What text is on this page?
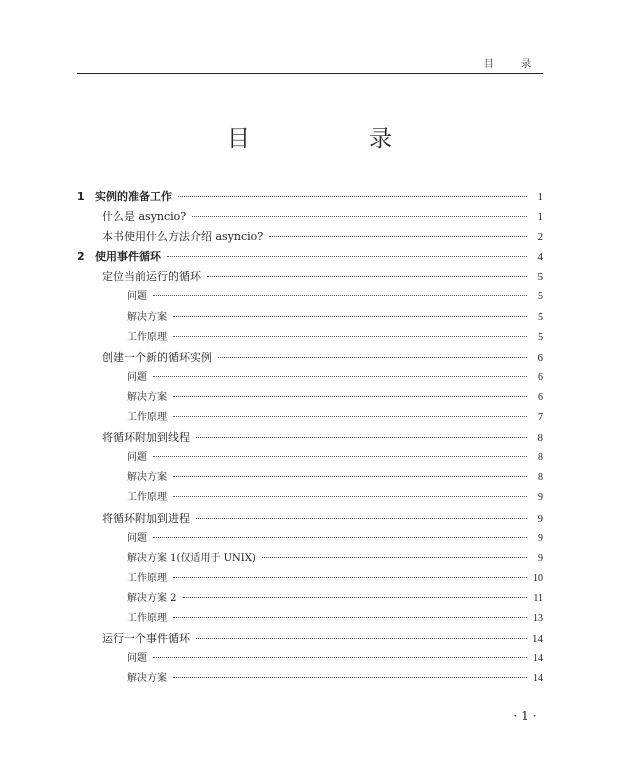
目 录
目　录
1 实例的准备工作	1
什么是 asyncio?	1
本书使用什么方法介绍 asyncio?	2
2 使用事件循环	4
定位当前运行的循环	5
问题	5
解决方案	5
工作原理	5
创建一个新的循环实例	6
问题	6
解决方案	6
工作原理	7
将循环附加到线程	8
问题	8
解决方案	8
工作原理	9
将循环附加到进程	9
问题	9
解决方案 1(仅适用于 UNIX)	9
工作原理	10
解决方案 2	11
工作原理	13
运行一个事件循环	14
问题	14
解决方案	14
· 1 ·
